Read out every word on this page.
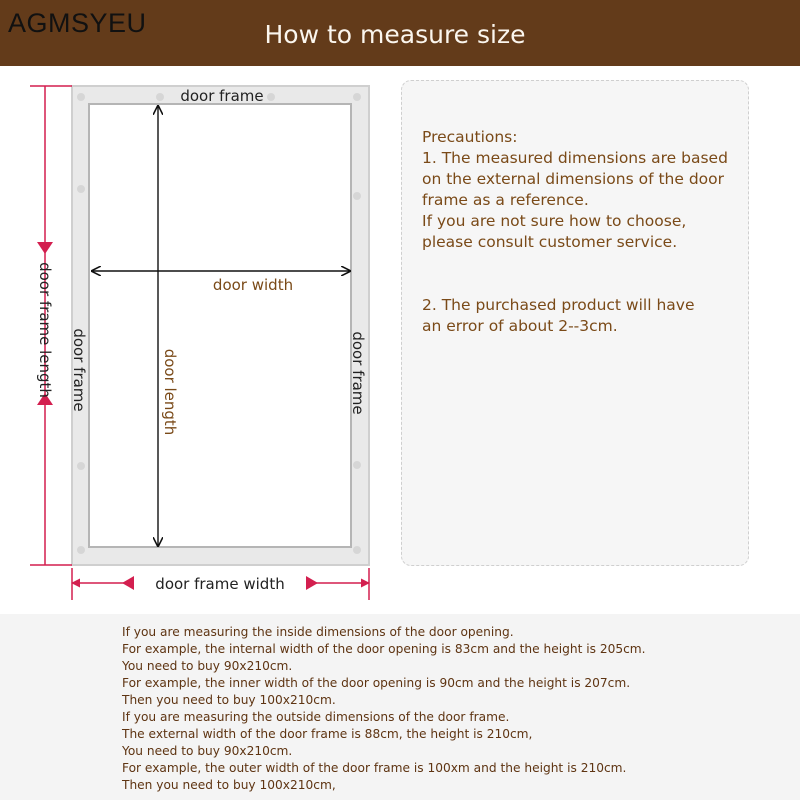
AGMSYEU	How to measure size
door frame
door width
door frame	door frame
door length
door frame length
door frame width

Precautions:

1. The measured dimensions are based

on the external dimensions of the door

frame as a reference.

If you are not sure how to choose,

please consult customer service.

2. The purchased product will have

an error of about 2--3cm.

If you are measuring the inside dimensions of the door opening.
For example, the internal width of the door opening is 83cm and the height is 205cm.
You need to buy 90x210cm.
For example, the inner width of the door opening is 90cm and the height is 207cm.
Then you need to buy 100x210cm.
If you are measuring the outside dimensions of the door frame.
The external width of the door frame is 88cm, the height is 210cm,
You need to buy 90x210cm.
For example, the outer width of the door frame is 100xm and the height is 210cm.
Then you need to buy 100x210cm,
